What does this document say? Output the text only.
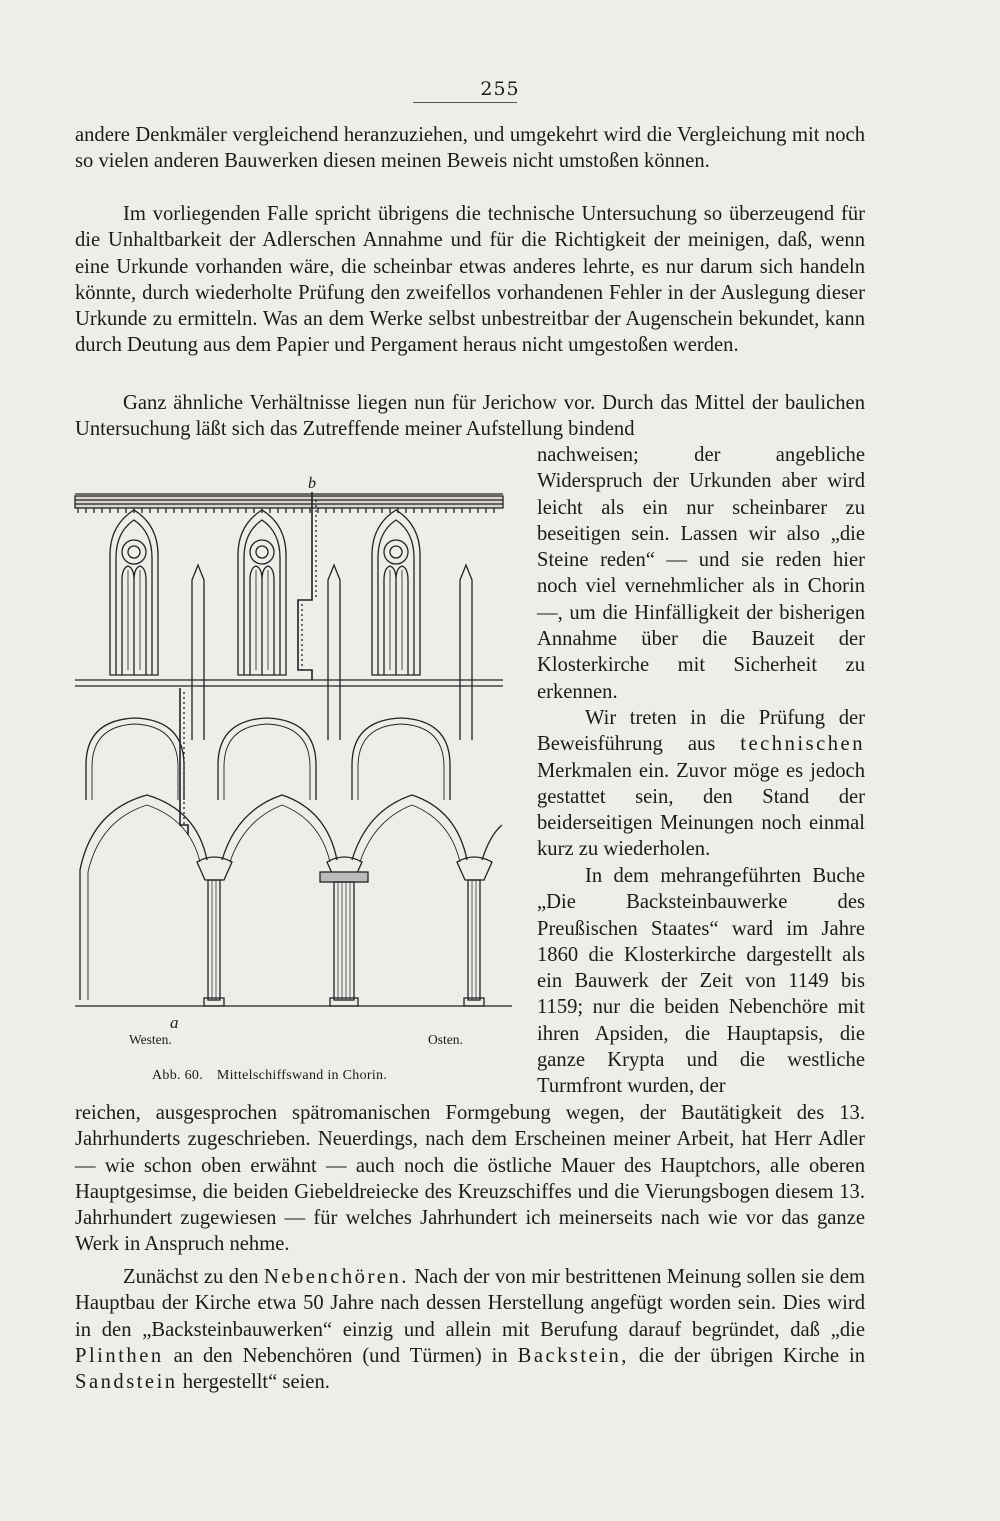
255

andere Denkmäler vergleichend heranzuziehen, und umgekehrt wird die Vergleichung mit noch so vielen anderen Bauwerken diesen meinen Beweis nicht umstoßen können.

Im vorliegenden Falle spricht übrigens die technische Untersuchung so überzeugend für die Unhaltbarkeit der Adlerschen Annahme und für die Richtigkeit der meinigen, daß, wenn eine Urkunde vorhanden wäre, die scheinbar etwas anderes lehrte, es nur darum sich handeln könnte, durch wiederholte Prüfung den zweifellos vorhandenen Fehler in der Auslegung dieser Urkunde zu ermitteln. Was an dem Werke selbst unbestreitbar der Augenschein bekundet, kann durch Deutung aus dem Papier und Pergament heraus nicht umgestoßen werden.

Ganz ähnliche Verhältnisse liegen nun für Jerichow vor. Durch das Mittel der baulichen Untersuchung läßt sich das Zutreffende meiner Aufstellung bindend

nachweisen; der angebliche Widerspruch der Urkunden aber wird leicht als ein nur scheinbarer zu beseitigen sein. Lassen wir also „die Steine reden“ — und sie reden hier noch viel vernehmlicher als in Chorin —, um die Hinfälligkeit der bisherigen Annahme über die Bauzeit der Klosterkirche mit Sicherheit zu erkennen.

Wir treten in die Prüfung der Beweisführung aus technischen Merkmalen ein. Zuvor möge es jedoch gestattet sein, den Stand der beiderseitigen Meinungen noch einmal kurz zu wiederholen.

In dem mehrangeführten Buche „Die Backsteinbauwerke des Preußischen Staates“ ward im Jahre 1860 die Klosterkirche dargestellt als ein Bauwerk der Zeit von 1149 bis 1159; nur die beiden Nebenchöre mit ihren Apsiden, die Hauptapsis, die ganze Krypta und die westliche Turmfront wurden, der

reichen, ausgesprochen spätromanischen Formgebung wegen, der Bautätigkeit des 13. Jahrhunderts zugeschrieben. Neuerdings, nach dem Erscheinen meiner Arbeit, hat Herr Adler — wie schon oben erwähnt — auch noch die östliche Mauer des Hauptchors, alle oberen Hauptgesimse, die beiden Giebeldreiecke des Kreuzschiffes und die Vierungsbogen diesem 13. Jahrhundert zugewiesen — für welches Jahrhundert ich meinerseits nach wie vor das ganze Werk in Anspruch nehme.

Zunächst zu den Nebenchören. Nach der von mir bestrittenen Meinung sollen sie dem Hauptbau der Kirche etwa 50 Jahre nach dessen Herstellung angefügt worden sein. Dies wird in den „Backsteinbauwerken“ einzig und allein mit Berufung darauf begründet, daß „die Plinthen an den Nebenchören (und Türmen) in Backstein, die der übrigen Kirche in Sandstein hergestellt“ seien.

b
a
Westen.	Osten.
Abb. 60. Mittelschiffswand in Chorin.
